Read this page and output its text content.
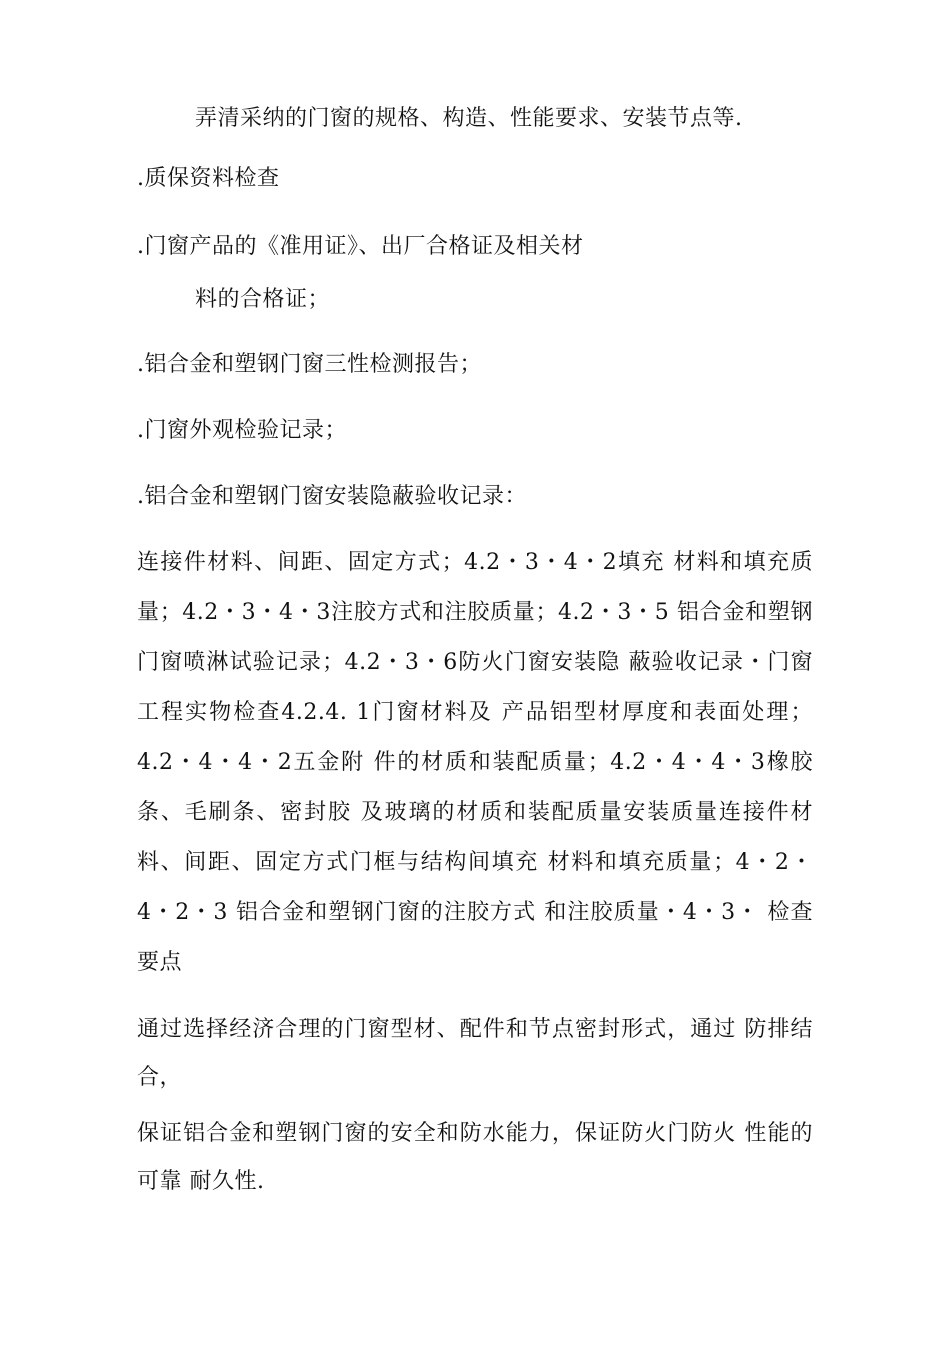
弄清采纳的门窗的规格、构造、性能要求、安装节点等.
.质保资料检查
.门窗产品的《准用证》、出厂合格证及相关材
料的合格证；
.铝合金和塑钢门窗三性检测报告；
.门窗外观检验记录；
.铝合金和塑钢门窗安装隐蔽验收记录：
连接件材料、间距、固定方式；4.2・3・4・2填充 材料和填充质量；4.2・3・4・3注胶方式和注胶质量；4.2・3・5 铝合金和塑钢门窗喷淋试验记录；4.2・3・6防火门窗安装隐 蔽验收记录・门窗工程实物检查4.2.4. 1门窗材料及 产品铝型材厚度和表面处理；4.2・4・4・2五金附 件的材质和装配质量；4.2・4・4・3橡胶条、毛刷条、密封胶 及玻璃的材质和装配质量安装质量连接件材料、间距、固定方式门框与结构间填充 材料和填充质量；4・2・4・2・3 铝合金和塑钢门窗的注胶方式 和注胶质量・4・3・ 检查要点
通过选择经济合理的门窗型材、配件和节点密封形式，通过 防排结合，
保证铝合金和塑钢门窗的安全和防水能力，保证防火门防火 性能的可靠 耐久性.
